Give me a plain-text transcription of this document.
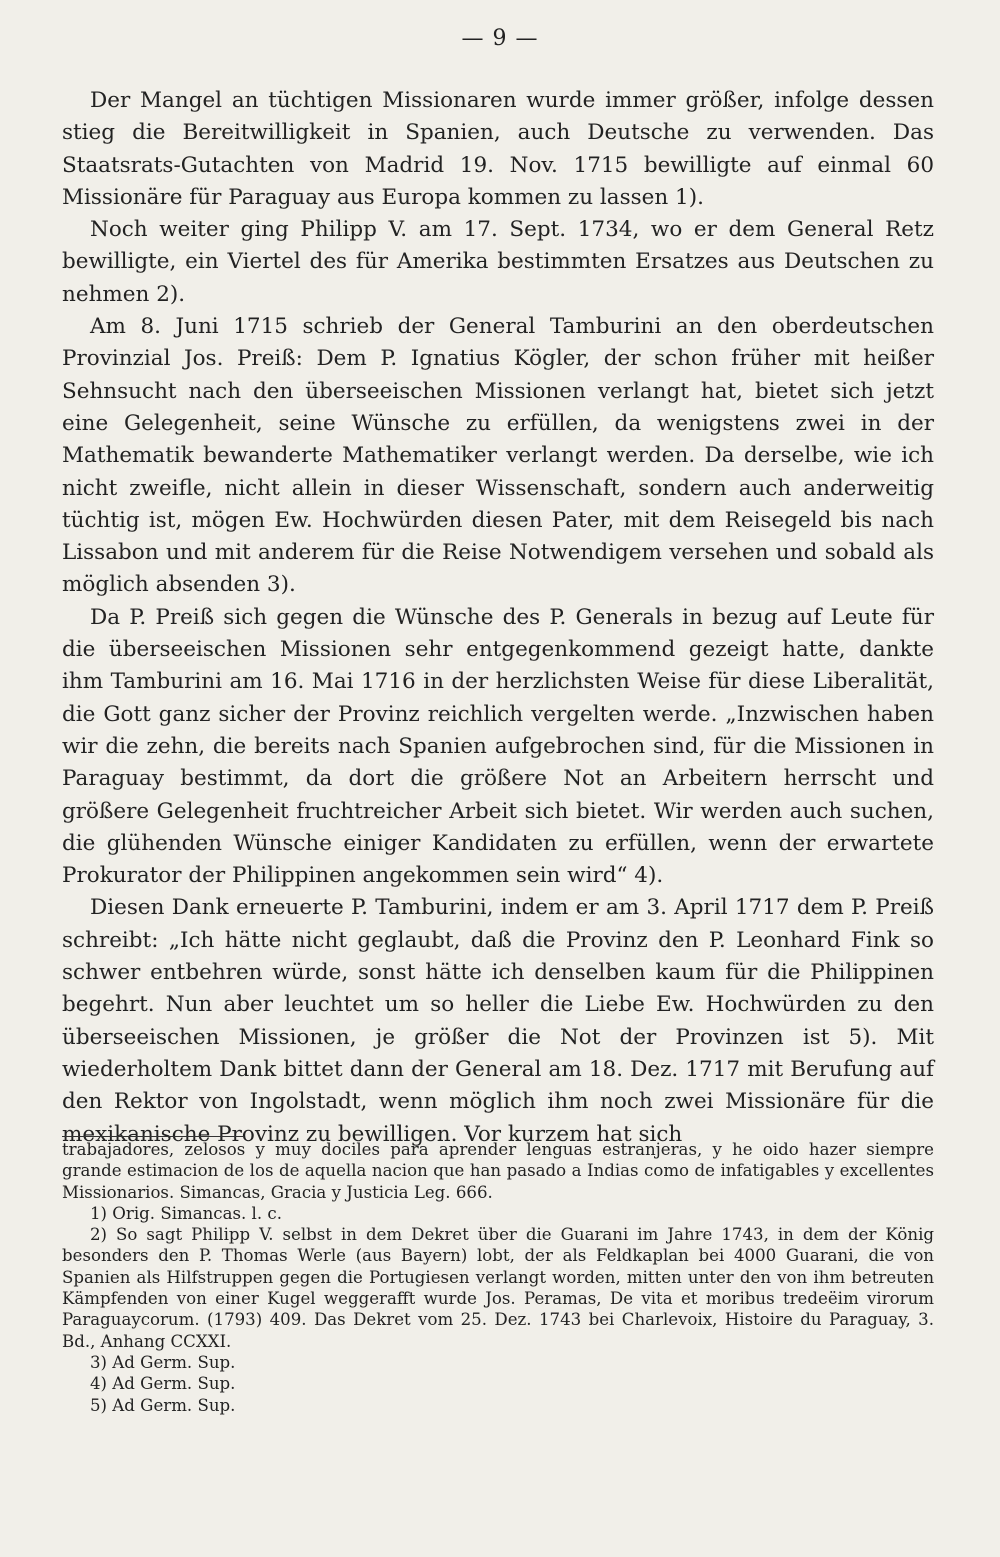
— 9 —

Der Mangel an tüchtigen Missionaren wurde immer größer, infolge dessen stieg die Bereitwilligkeit in Spanien, auch Deutsche zu verwenden. Das Staatsrats-Gutachten von Madrid 19. Nov. 1715 bewilligte auf einmal 60 Missionäre für Paraguay aus Europa kommen zu lassen 1).

Noch weiter ging Philipp V. am 17. Sept. 1734, wo er dem General Retz bewilligte, ein Viertel des für Amerika bestimmten Ersatzes aus Deutschen zu nehmen 2).

Am 8. Juni 1715 schrieb der General Tamburini an den oberdeutschen Provinzial Jos. Preiß: Dem P. Ignatius Kögler, der schon früher mit heißer Sehnsucht nach den überseeischen Missionen verlangt hat, bietet sich jetzt eine Gelegenheit, seine Wünsche zu erfüllen, da wenigstens zwei in der Mathematik bewanderte Mathematiker verlangt werden. Da derselbe, wie ich nicht zweifle, nicht allein in dieser Wissenschaft, sondern auch anderweitig tüchtig ist, mögen Ew. Hochwürden diesen Pater, mit dem Reisegeld bis nach Lissabon und mit anderem für die Reise Notwendigem versehen und sobald als möglich absenden 3).

Da P. Preiß sich gegen die Wünsche des P. Generals in bezug auf Leute für die überseeischen Missionen sehr entgegenkommend gezeigt hatte, dankte ihm Tamburini am 16. Mai 1716 in der herzlichsten Weise für diese Liberalität, die Gott ganz sicher der Provinz reichlich vergelten werde. „Inzwischen haben wir die zehn, die bereits nach Spanien aufgebrochen sind, für die Missionen in Paraguay bestimmt, da dort die größere Not an Arbeitern herrscht und größere Gelegenheit fruchtreicher Arbeit sich bietet. Wir werden auch suchen, die glühenden Wünsche einiger Kandidaten zu erfüllen, wenn der erwartete Prokurator der Philippinen angekommen sein wird“ 4).

Diesen Dank erneuerte P. Tamburini, indem er am 3. April 1717 dem P. Preiß schreibt: „Ich hätte nicht geglaubt, daß die Provinz den P. Leonhard Fink so schwer entbehren würde, sonst hätte ich denselben kaum für die Philippinen begehrt. Nun aber leuchtet um so heller die Liebe Ew. Hochwürden zu den überseeischen Missionen, je größer die Not der Provinzen ist 5). Mit wiederholtem Dank bittet dann der General am 18. Dez. 1717 mit Berufung auf den Rektor von Ingolstadt, wenn möglich ihm noch zwei Missionäre für die mexikanische Provinz zu bewilligen. Vor kurzem hat sich

trabajadores, zelosos y muy dociles para aprender lenguas estranjeras, y he oido hazer siempre grande estimacion de los de aquella nacion que han pasado a Indias como de infatigables y excellentes Missionarios. Simancas, Gracia y Justicia Leg. 666.

1) Orig. Simancas. l. c.

2) So sagt Philipp V. selbst in dem Dekret über die Guarani im Jahre 1743, in dem der König besonders den P. Thomas Werle (aus Bayern) lobt, der als Feldkaplan bei 4000 Guarani, die von Spanien als Hilfstruppen gegen die Portugiesen verlangt worden, mitten unter den von ihm betreuten Kämpfenden von einer Kugel weggerafft wurde Jos. Peramas, De vita et moribus tredeëim virorum Paraguaycorum. (1793) 409. Das Dekret vom 25. Dez. 1743 bei Charlevoix, Histoire du Paraguay, 3. Bd., Anhang CCXXI.

3) Ad Germ. Sup.

4) Ad Germ. Sup.

5) Ad Germ. Sup.
